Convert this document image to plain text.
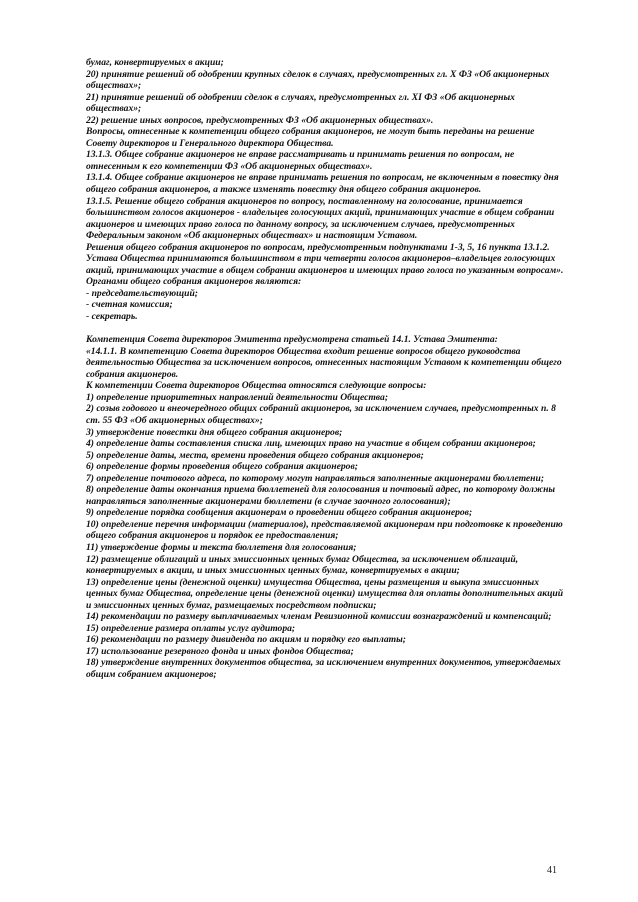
бумаг, конвертируемых в акции;
20) принятие решений об одобрении крупных сделок в случаях, предусмотренных гл. X ФЗ «Об акционерных обществах»;
21) принятие решений об одобрении сделок в случаях, предусмотренных гл. XI ФЗ «Об акционерных обществах»;
22) решение иных вопросов, предусмотренных ФЗ «Об акционерных обществах».
Вопросы, отнесенные к компетенции общего собрания акционеров, не могут быть переданы на решение Совету директоров и Генерального директора Общества.
13.1.3. Общее собрание акционеров не вправе рассматривать и принимать решения по вопросам, не отнесенным к его компетенции ФЗ «Об акционерных обществах».
13.1.4. Общее собрание акционеров не вправе принимать решения по вопросам, не включенным в повестку дня общего собрания акционеров, а также изменять повестку дня общего собрания акционеров.
13.1.5. Решение общего собрания акционеров по вопросу, поставленному на голосование, принимается большинством голосов акционеров - владельцев голосующих акций, принимающих участие в общем собрании акционеров и имеющих право голоса по данному вопросу, за исключением случаев, предусмотренных Федеральным законом «Об акционерных обществах» и настоящим Уставом.
Решения общего собрания акционеров по вопросам, предусмотренным подпунктами 1-3, 5, 16 пункта 13.1.2. Устава Общества принимаются большинством в три четверти голосов акционеров–владельцев голосующих акций, принимающих участие в общем собрании акционеров и имеющих право голоса по указанным вопросам».
Органами общего собрания акционеров являются:
- председательствующий;
- счетная комиссия;
- секретарь.
Компетенция Совета директоров Эмитента предусмотрена статьей 14.1. Устава Эмитента:
«14.1.1. В компетенцию Совета директоров Общества входит решение вопросов общего руководства деятельностью Общества за исключением вопросов, отнесенных настоящим Уставом к компетенции общего собрания акционеров.
К компетенции Совета директоров Общества относятся следующие вопросы:
1) определение приоритетных направлений деятельности Общества;
2) созыв годового и внеочередного общих собраний акционеров, за исключением случаев, предусмотренных п. 8 ст. 55 ФЗ «Об акционерных обществах»;
3) утверждение повестки дня общего собрания акционеров;
4) определение даты составления списка лиц, имеющих право на участие в общем собрании акционеров;
5) определение даты, места, времени проведения общего собрания акционеров;
6) определение формы проведения общего собрания акционеров;
7) определение почтового адреса, по которому могут направляться заполненные акционерами бюллетени;
8) определение даты окончания приема бюллетеней для голосования и почтовый адрес, по которому должны направляться заполненные акционерами бюллетени (в случае заочного голосования);
9) определение порядка сообщения акционерам о проведении общего собрания акционеров;
10) определение перечня информации (материалов), представляемой акционерам при подготовке к проведению общего собрания акционеров и порядок ее предоставления;
11) утверждение формы и текста бюллетеня для голосования;
12) размещение облигаций и иных эмиссионных ценных бумаг Общества, за исключением облигаций, конвертируемых в акции, и иных эмиссионных ценных бумаг, конвертируемых в акции;
13) определение цены (денежной оценки) имущества Общества, цены размещения и выкупа эмиссионных ценных бумаг Общества, определение цены (денежной оценки) имущества для оплаты дополнительных акций и эмиссионных ценных бумаг, размещаемых посредством подписки;
14) рекомендации по размеру выплачиваемых членам Ревизионной комиссии вознаграждений и компенсаций;
15) определение размера оплаты услуг аудитора;
16) рекомендации по размеру дивиденда по акциям и порядку его выплаты;
17) использование резервного фонда и иных фондов Общества;
18) утверждение внутренних документов общества, за исключением внутренних документов, утверждаемых общим собранием акционеров;
41
